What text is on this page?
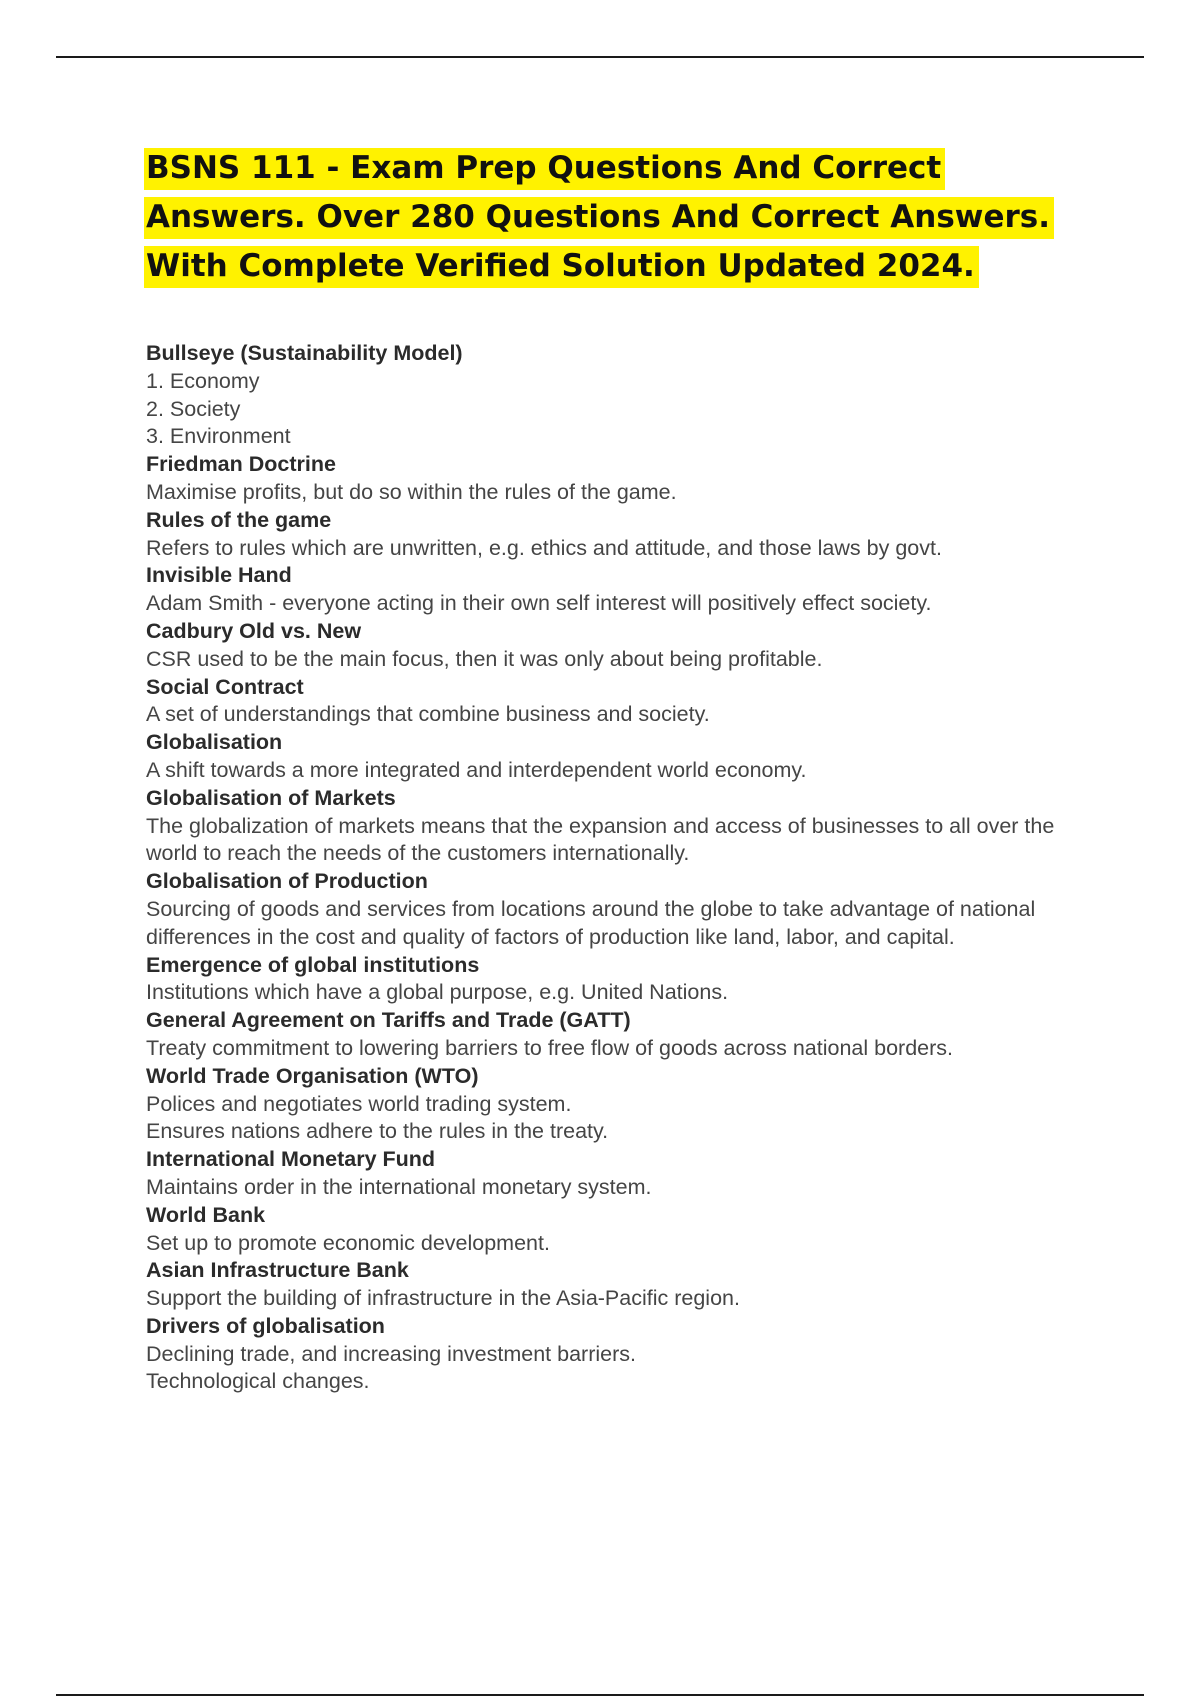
BSNS 111 - Exam Prep Questions And Correct Answers. Over 280 Questions And Correct Answers. With Complete Verified Solution Updated 2024.
Bullseye (Sustainability Model)
1. Economy
2. Society
3. Environment
Friedman Doctrine
Maximise profits, but do so within the rules of the game.
Rules of the game
Refers to rules which are unwritten, e.g. ethics and attitude, and those laws by govt.
Invisible Hand
Adam Smith - everyone acting in their own self interest will positively effect society.
Cadbury Old vs. New
CSR used to be the main focus, then it was only about being profitable.
Social Contract
A set of understandings that combine business and society.
Globalisation
A shift towards a more integrated and interdependent world economy.
Globalisation of Markets
The globalization of markets means that the expansion and access of businesses to all over the world to reach the needs of the customers internationally.
Globalisation of Production
Sourcing of goods and services from locations around the globe to take advantage of national differences in the cost and quality of factors of production like land, labor, and capital.
Emergence of global institutions
Institutions which have a global purpose, e.g. United Nations.
General Agreement on Tariffs and Trade (GATT)
Treaty commitment to lowering barriers to free flow of goods across national borders.
World Trade Organisation (WTO)
Polices and negotiates world trading system.
Ensures nations adhere to the rules in the treaty.
International Monetary Fund
Maintains order in the international monetary system.
World Bank
Set up to promote economic development.
Asian Infrastructure Bank
Support the building of infrastructure in the Asia-Pacific region.
Drivers of globalisation
Declining trade, and increasing investment barriers.
Technological changes.
